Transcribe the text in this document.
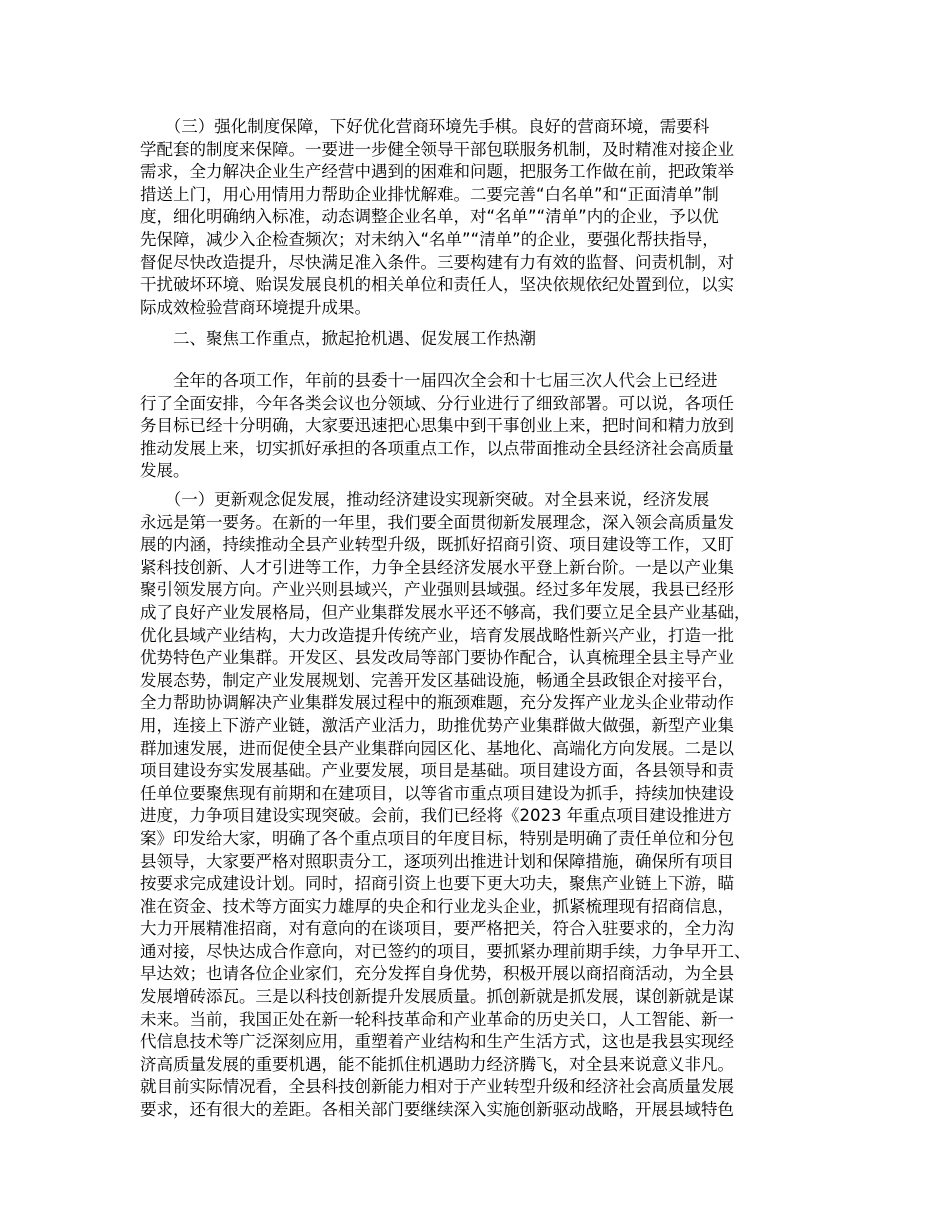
　　（三）强化制度保障，下好优化营商环境先手棋。良好的营商环境，需要科
学配套的制度来保障。一要进一步健全领导干部包联服务机制，及时精准对接企业
需求，全力解决企业生产经营中遇到的困难和问题，把服务工作做在前，把政策举
措送上门，用心用情用力帮助企业排忧解难。二要完善“白名单”和“正面清单”制
度，细化明确纳入标准，动态调整企业名单，对“名单”“清单”内的企业，予以优
先保障，减少入企检查频次；对未纳入“名单”“清单”的企业，要强化帮扶指导，
督促尽快改造提升，尽快满足准入条件。三要构建有力有效的监督、问责机制，对
干扰破坏环境、贻误发展良机的相关单位和责任人，坚决依规依纪处置到位，以实
际成效检验营商环境提升成果。
　　二、聚焦工作重点，掀起抢机遇、促发展工作热潮
　　全年的各项工作，年前的县委十一届四次全会和十七届三次人代会上已经进
行了全面安排，今年各类会议也分领域、分行业进行了细致部署。可以说，各项任
务目标已经十分明确，大家要迅速把心思集中到干事创业上来，把时间和精力放到
推动发展上来，切实抓好承担的各项重点工作，以点带面推动全县经济社会高质量
发展。
　　（一）更新观念促发展，推动经济建设实现新突破。对全县来说，经济发展
永远是第一要务。在新的一年里，我们要全面贯彻新发展理念，深入领会高质量发
展的内涵，持续推动全县产业转型升级，既抓好招商引资、项目建设等工作，又盯
紧科技创新、人才引进等工作，力争全县经济发展水平登上新台阶。一是以产业集
聚引领发展方向。产业兴则县域兴，产业强则县域强。经过多年发展，我县已经形
成了良好产业发展格局，但产业集群发展水平还不够高，我们要立足全县产业基础，
优化县域产业结构，大力改造提升传统产业，培育发展战略性新兴产业，打造一批
优势特色产业集群。开发区、县发改局等部门要协作配合，认真梳理全县主导产业
发展态势，制定产业发展规划、完善开发区基础设施，畅通全县政银企对接平台，
全力帮助协调解决产业集群发展过程中的瓶颈难题，充分发挥产业龙头企业带动作
用，连接上下游产业链，激活产业活力，助推优势产业集群做大做强，新型产业集
群加速发展，进而促使全县产业集群向园区化、基地化、高端化方向发展。二是以
项目建设夯实发展基础。产业要发展，项目是基础。项目建设方面，各县领导和责
任单位要聚焦现有前期和在建项目，以等省市重点项目建设为抓手，持续加快建设
进度，力争项目建设实现突破。会前，我们已经将《2023 年重点项目建设推进方
案》印发给大家，明确了各个重点项目的年度目标，特别是明确了责任单位和分包
县领导，大家要严格对照职责分工，逐项列出推进计划和保障措施，确保所有项目
按要求完成建设计划。同时，招商引资上也要下更大功夫，聚焦产业链上下游，瞄
准在资金、技术等方面实力雄厚的央企和行业龙头企业，抓紧梳理现有招商信息，
大力开展精准招商，对有意向的在谈项目，要严格把关，符合入驻要求的，全力沟
通对接，尽快达成合作意向，对已签约的项目，要抓紧办理前期手续，力争早开工、
早达效；也请各位企业家们，充分发挥自身优势，积极开展以商招商活动，为全县
发展增砖添瓦。三是以科技创新提升发展质量。抓创新就是抓发展，谋创新就是谋
未来。当前，我国正处在新一轮科技革命和产业革命的历史关口，人工智能、新一
代信息技术等广泛深刻应用，重塑着产业结构和生产生活方式，这也是我县实现经
济高质量发展的重要机遇，能不能抓住机遇助力经济腾飞，对全县来说意义非凡。
就目前实际情况看，全县科技创新能力相对于产业转型升级和经济社会高质量发展
要求，还有很大的差距。各相关部门要继续深入实施创新驱动战略，开展县域特色
